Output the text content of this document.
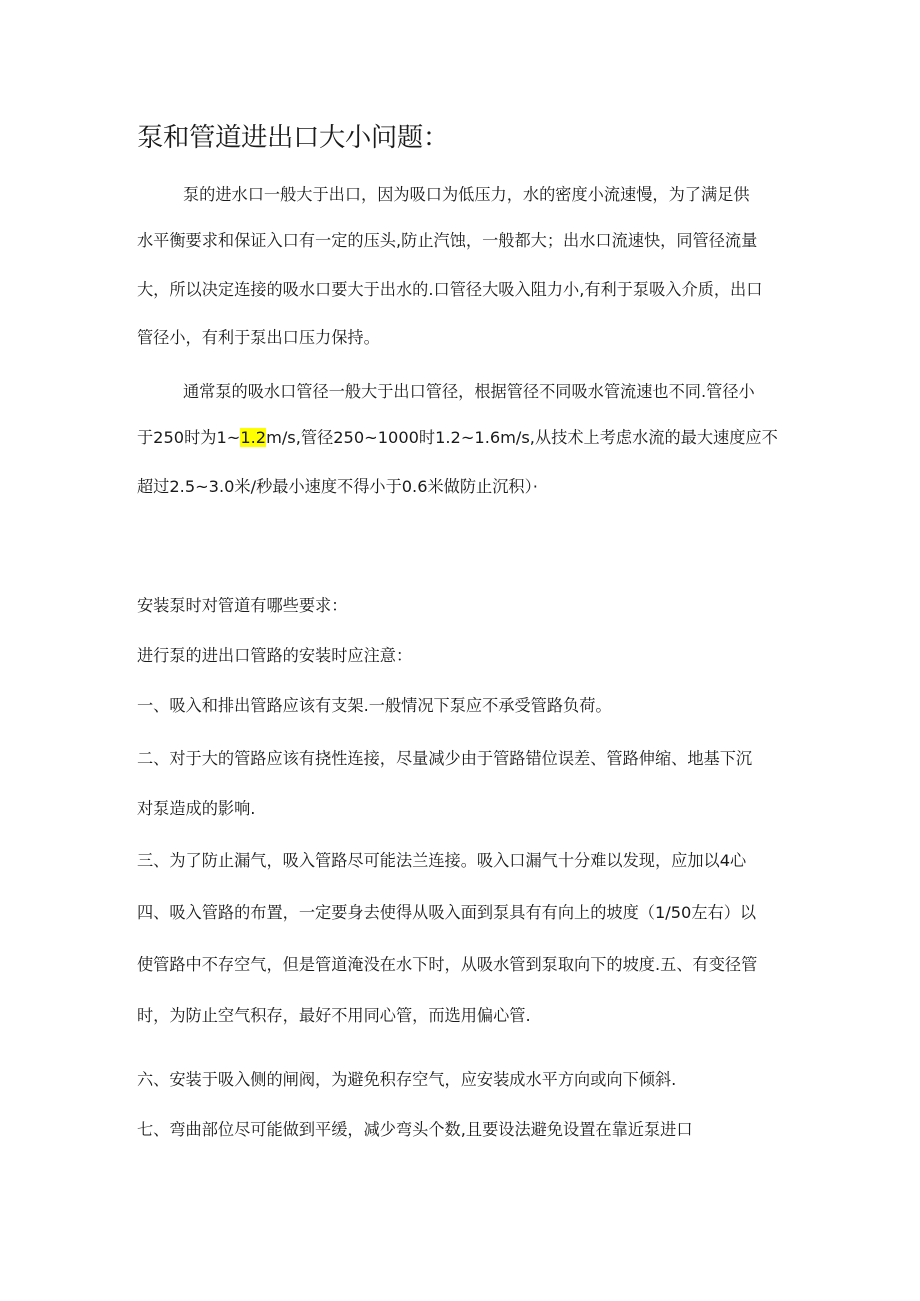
泵和管道进出口大小问题：
泵的进水口一般大于出口，因为吸口为低压力，水的密度小流速慢，为了满足供
水平衡要求和保证入口有一定的压头,防止汽蚀，一般都大；出水口流速快，同管径流量
大，所以决定连接的吸水口要大于出水的.口管径大吸入阻力小,有利于泵吸入介质，出口
管径小，有利于泵出口压力保持。
通常泵的吸水口管径一般大于出口管径，根据管径不同吸水管流速也不同.管径小
于250时为1~1.2m/s,管径250~1000时1.2~1.6m/s,从技术上考虑水流的最大速度应不
超过2.5~3.0米/秒最小速度不得小于0.6米做防止沉积）·
安装泵时对管道有哪些要求：
进行泵的进出口管路的安装时应注意：
一、吸入和排出管路应该有支架.一般情况下泵应不承受管路负荷。
二、对于大的管路应该有挠性连接，尽量减少由于管路错位误差、管路伸缩、地基下沉
对泵造成的影响.
三、为了防止漏气，吸入管路尽可能法兰连接。吸入口漏气十分难以发现，应加以4心
四、吸入管路的布置，一定要身去使得从吸入面到泵具有有向上的坡度（1/50左右）以
使管路中不存空气，但是管道淹没在水下时，从吸水管到泵取向下的坡度.五、有变径管
时，为防止空气积存，最好不用同心管，而选用偏心管.
六、安装于吸入侧的闸阀，为避免积存空气，应安装成水平方向或向下倾斜.
七、弯曲部位尽可能做到平缓，减少弯头个数,且要设法避免设置在靠近泵进口
